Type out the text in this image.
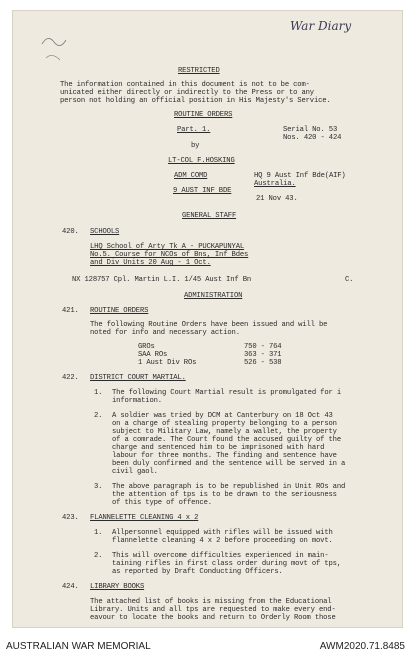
War Diary
RESTRICTED
The information contained in this document is not to be com-
unicated either directly or indirectly to the Press or to any
person not holding an official position in His Majesty's Service.
ROUTINE ORDERS
Part. 1.	Serial No. 53
Nos. 420 - 424
by
LT-COL F.HOSKING
ADM COMD	HQ 9 Aust Inf Bde(AIF)
Australia.
9 AUST INF BDE
21 Nov 43.
GENERAL STAFF
420. SCHOOLS
LHQ School of Arty Tk A - PUCKAPUNYAL
No.5. Course for NCOs of Bns, Inf Bdes
and Div Units 20 Aug - 1 Oct.
NX 128757 Cpl. Martin L.I. 1/45 Aust Inf Bn	C.
ADMINISTRATION
421. ROUTINE ORDERS
The following Routine Orders have been issued and will be
noted for info and necessary action.
GROs	750 - 764
SAA ROs	363 - 371
1 Aust Div ROs	526 - 538
422. DISTRICT COURT MARTIAL.
1. The following Court Martial result is promulgated for i
information.
2. A soldier was tried by DCM at Canterbury on 18 Oct 43
on a charge of stealing property belonging to a person
subject to Military Law, namely a wallet, the property
of a comrade. The Court found the accused guilty of the
charge and sentenced him to be imprisoned with hard
labour for three months. The finding and sentence have
been duly confirmed and the sentence will be served in a
civil gaol.
3. The above paragraph is to be republished in Unit ROs and
the attention of tps is to be drawn to the seriousness
of this type of offence.
423. FLANNELETTE CLEANING 4 x 2
1. Allpersonnel equipped with rifles will be issued with
flannelette cleaning 4 x 2 before proceeding on movt.
2. This will overcome difficulties experienced in main-
taining rifles in first class order during movt of tps,
as reported by Draft Conducting Officers.
424. LIBRARY BOOKS
The attached list of books is missing from the Educational
Library. Units and all tps are requested to make every end-
eavour to locate the books and return to Orderly Room those
AUSTRALIAN WAR MEMORIAL	AWM2020.71.8485
